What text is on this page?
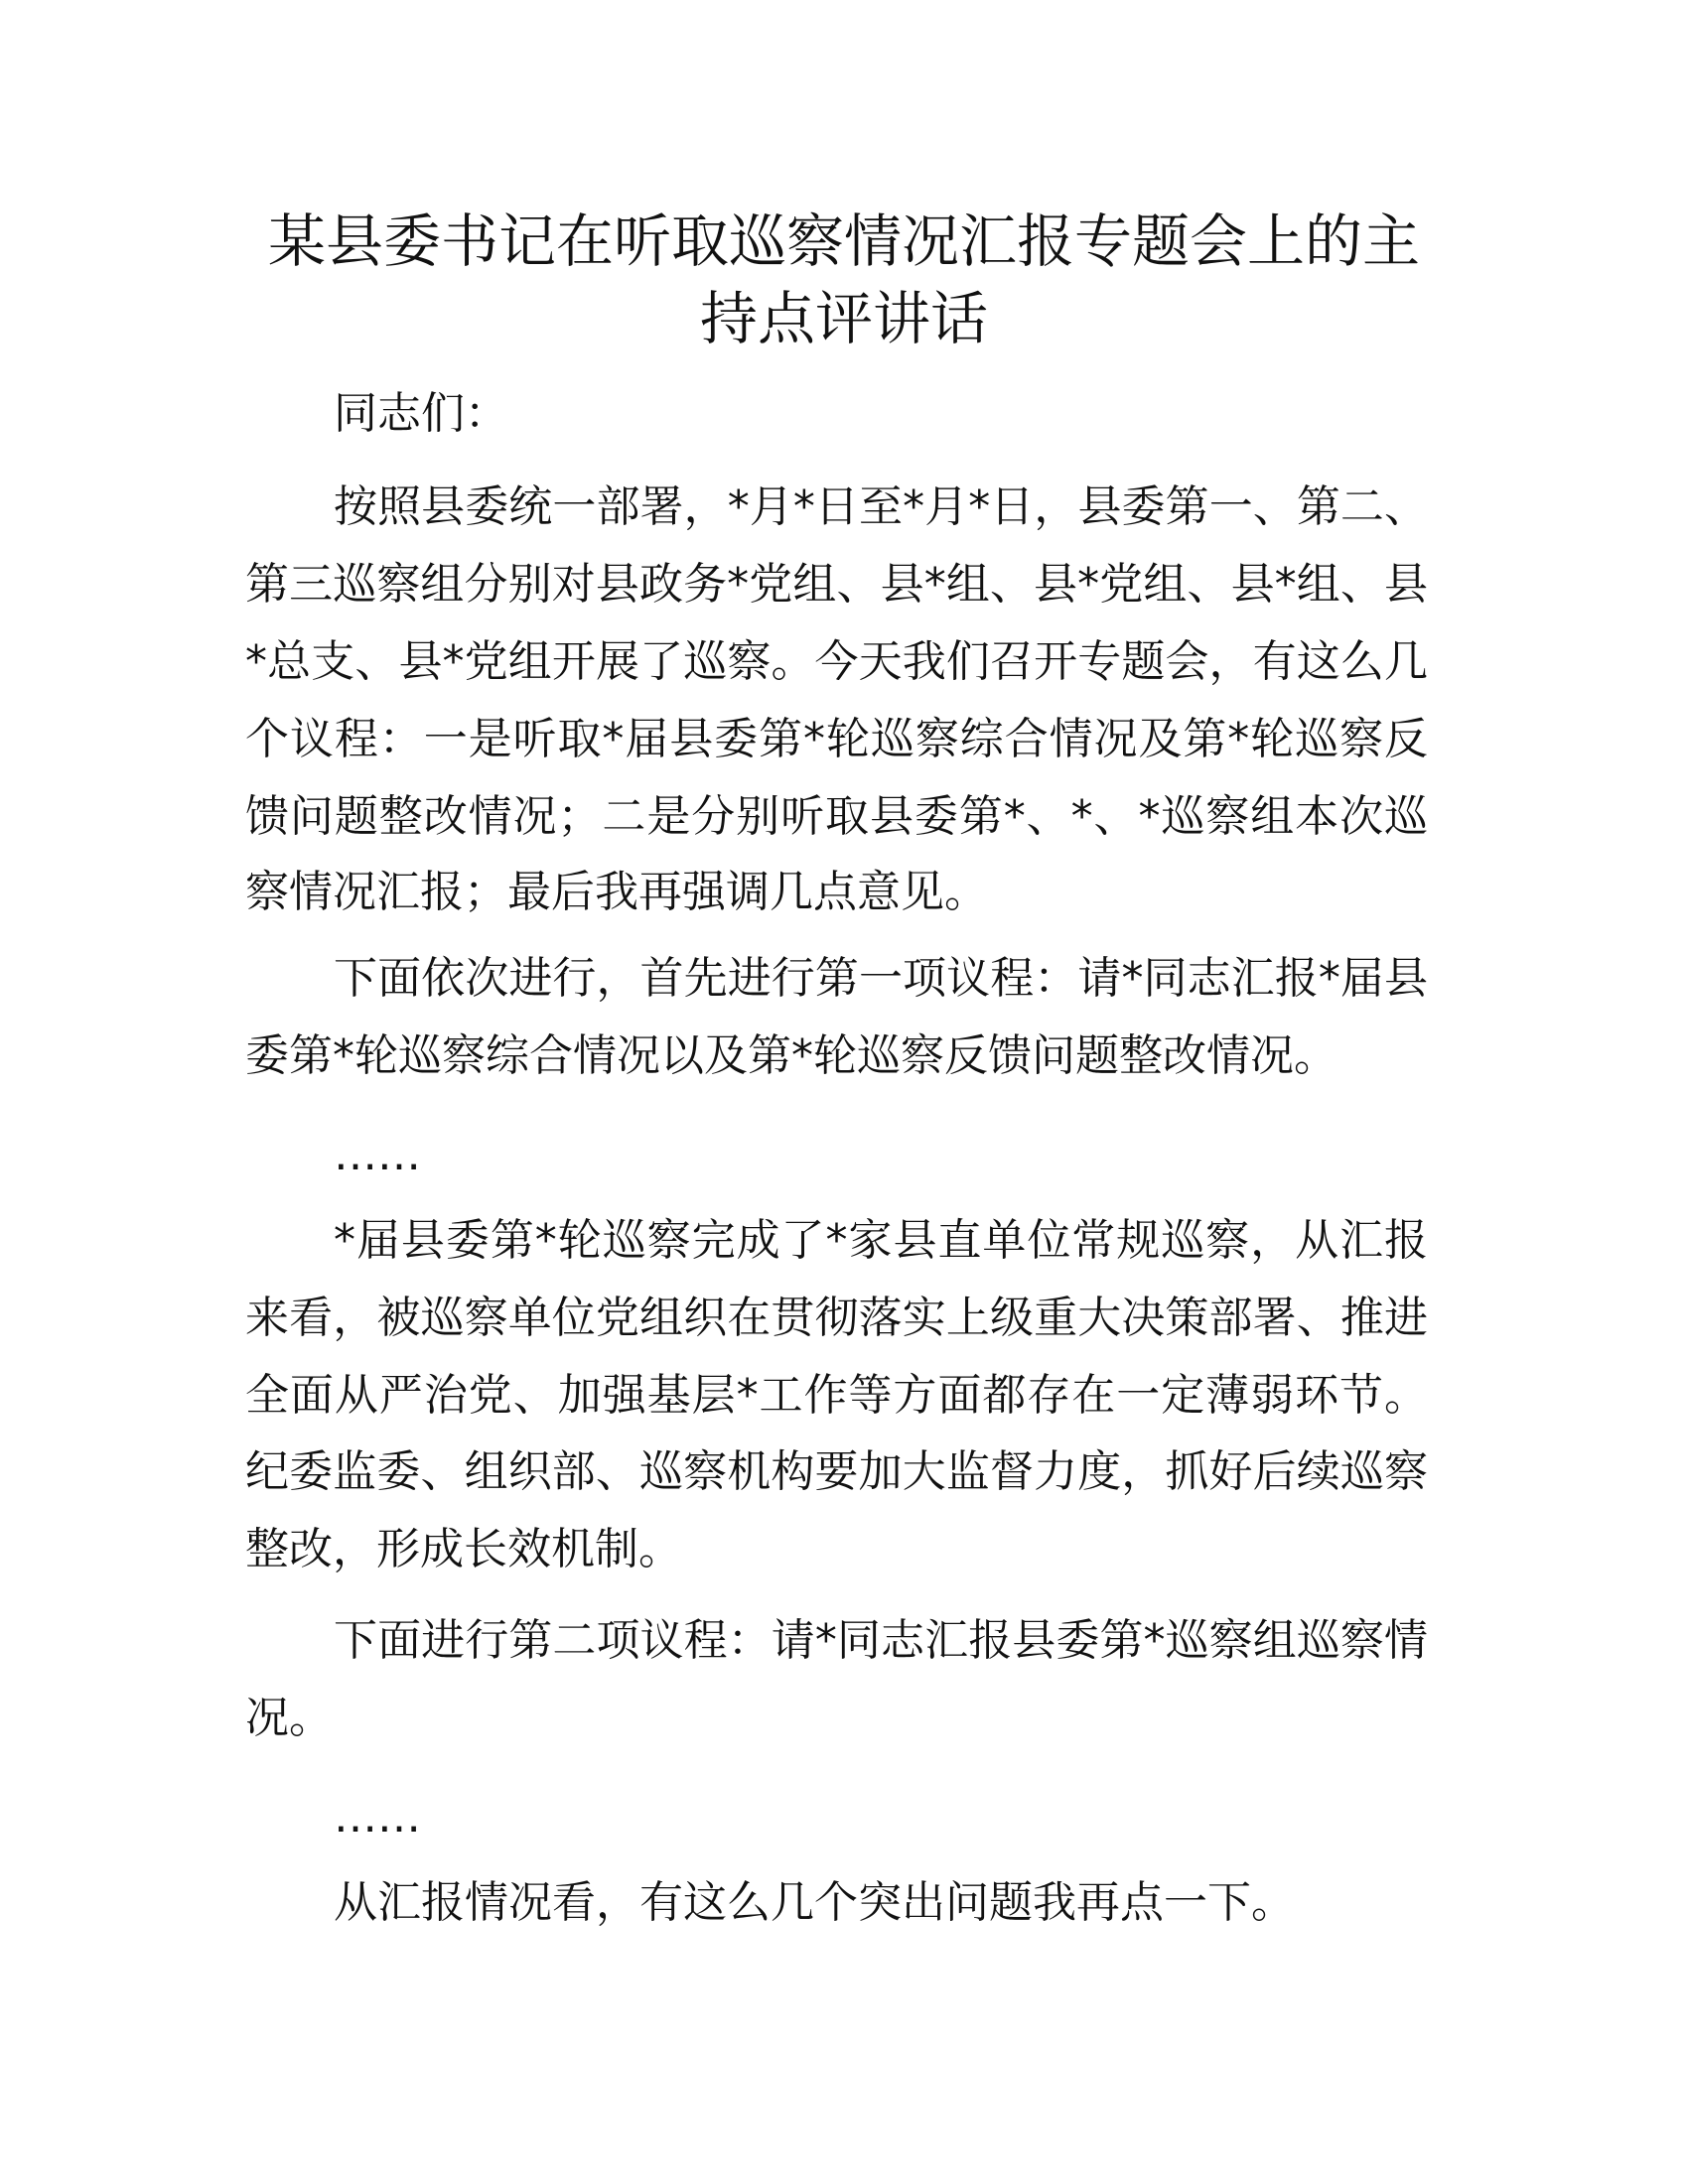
某县委书记在听取巡察情况汇报专题会上的主
持点评讲话
同志们：
按照县委统一部署，*月*日至*月*日，县委第一、第二、
第三巡察组分别对县政务*党组、县*组、县*党组、县*组、县
*总支、县*党组开展了巡察。今天我们召开专题会，有这么几
个议程：一是听取*届县委第*轮巡察综合情况及第*轮巡察反
馈问题整改情况；二是分别听取县委第*、*、*巡察组本次巡
察情况汇报；最后我再强调几点意见。
下面依次进行，首先进行第一项议程：请*同志汇报*届县
委第*轮巡察综合情况以及第*轮巡察反馈问题整改情况。
……
*届县委第*轮巡察完成了*家县直单位常规巡察，从汇报
来看，被巡察单位党组织在贯彻落实上级重大决策部署、推进
全面从严治党、加强基层*工作等方面都存在一定薄弱环节。
纪委监委、组织部、巡察机构要加大监督力度，抓好后续巡察
整改，形成长效机制。
下面进行第二项议程：请*同志汇报县委第*巡察组巡察情
况。
……
从汇报情况看，有这么几个突出问题我再点一下。
